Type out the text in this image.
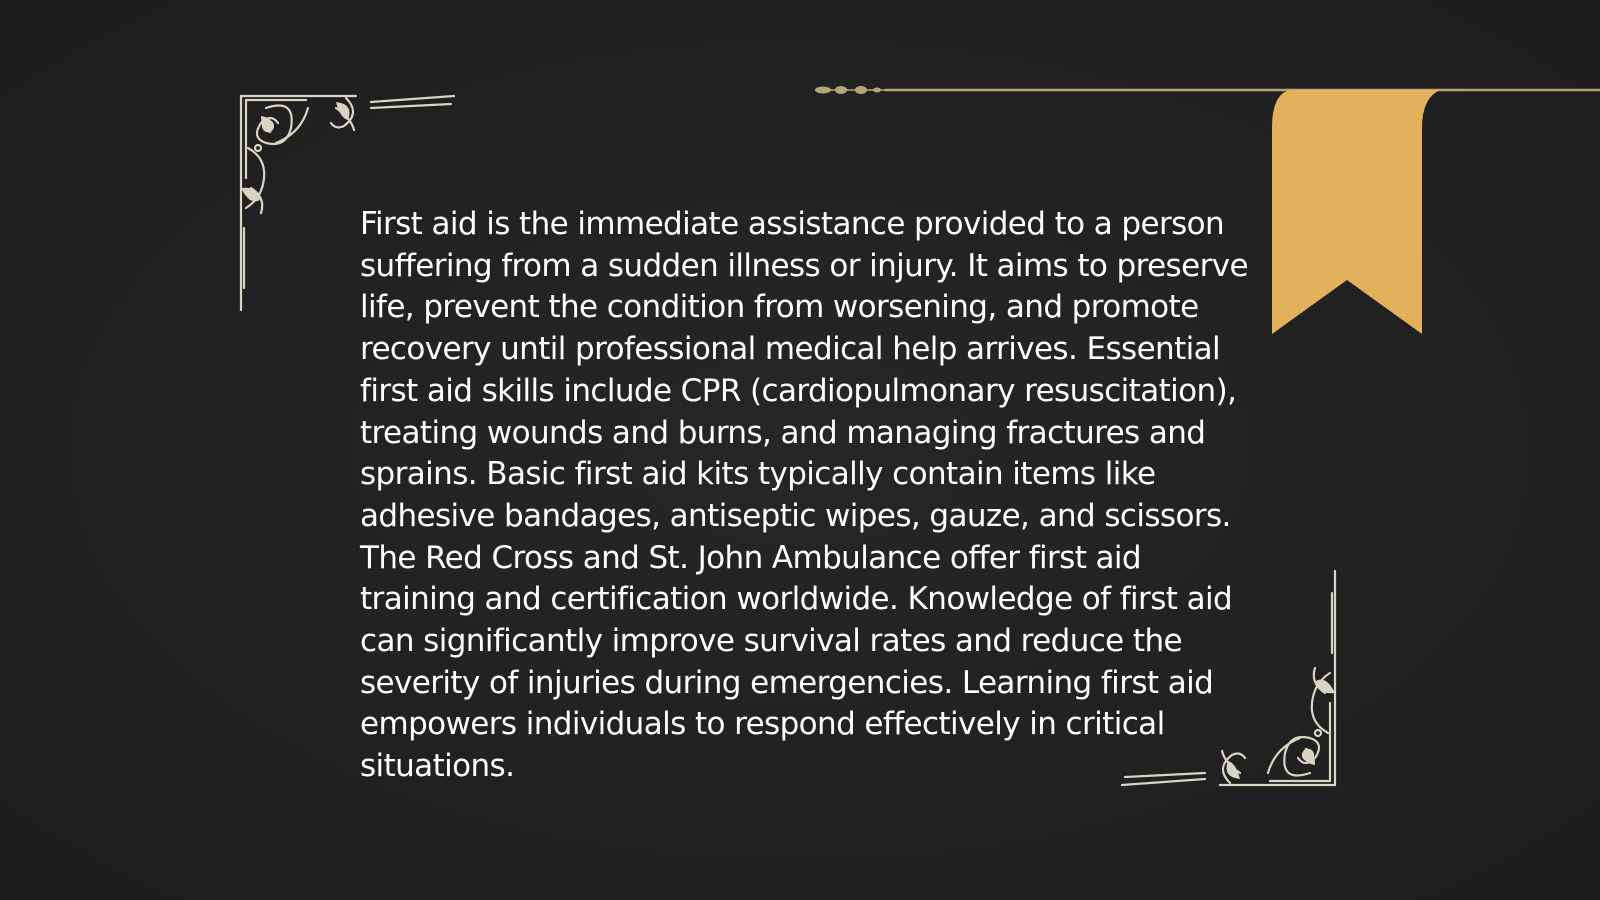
First aid is the immediate assistance provided to a person suffering from a sudden illness or injury. It aims to preserve life, prevent the condition from worsening, and promote recovery until professional medical help arrives. Essential first aid skills include CPR (cardiopulmonary resuscitation), treating wounds and burns, and managing fractures and sprains. Basic first aid kits typically contain items like adhesive bandages, antiseptic wipes, gauze, and scissors. The Red Cross and St. John Ambulance offer first aid training and certification worldwide. Knowledge of first aid can significantly improve survival rates and reduce the severity of injuries during emergencies. Learning first aid empowers individuals to respond effectively in critical situations.
